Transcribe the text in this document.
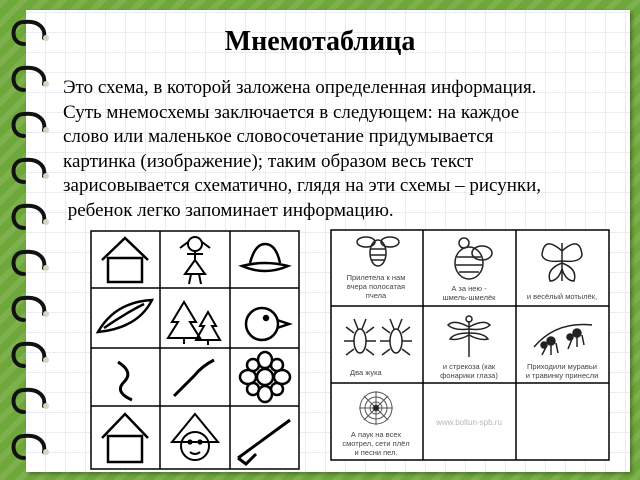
Мнемотаблица

Это схема, в которой заложена определенная информация.
Суть мнемосхемы заключается в следующем: на каждое
слово или маленькое словосочетание придумывается
картинка (изображение); таким образом весь текст
зарисовывается схематично, глядя на эти схемы – рисунки,
ребенок легко запоминает информацию.

Прилетела к нам
вчера полосатая
пчела
А за нею -
шмель-шмелёк	и весёлый мотылёк,
Два жука
и стрекоза (как
фонарики глаза)
Приходили муравьи
и травинку принесли
А паук на всех
смотрел, сети плёл
и песни пел.
www.boltun-spb.ru
